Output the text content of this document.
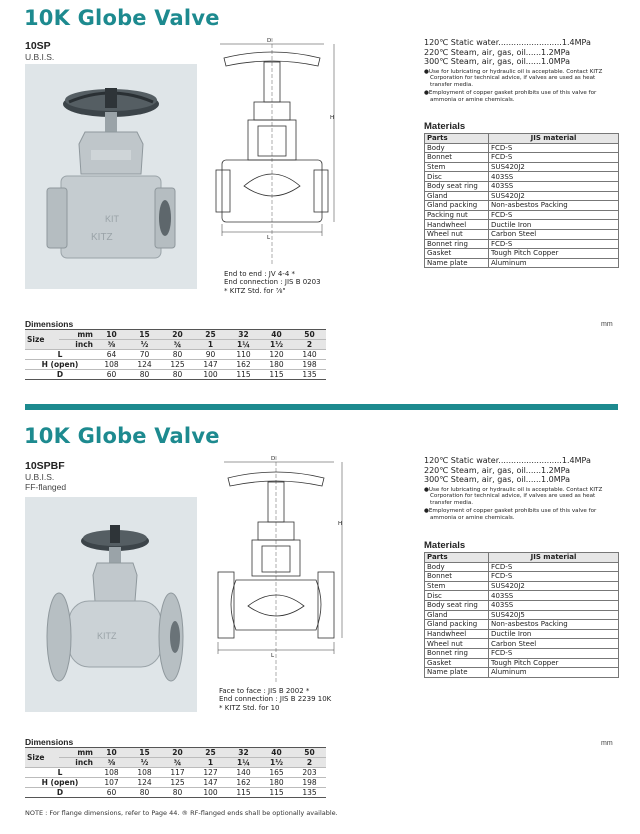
10K Globe Valve
10SP
U.B.I.S.
KIT
KITZ
D
H
L
End to end : JV 4-4 *
End connection : JIS B 0203
* KITZ Std. for ⁷⁄₈"
120℃ Static water.........................1.4MPa
220℃ Steam, air, gas, oil......1.2MPa
300℃ Steam, air, gas, oil......1.0MPa
●Use for lubricating or hydraulic oil is acceptable. Contact KITZ Corporation for technical advice, if valves are used as heat transfer media.
●Employment of copper gasket prohibits use of this valve for ammonia or amine chemicals.
Materials
Parts	JIS material
Body	FCD-S
Bonnet	FCD-S
Stem	SUS420J2
Disc	403SS
Body seat ring	403SS
Gland	SUS420J2
Gland packing	Non-asbestos Packing
Packing nut	FCD-S
Handwheel	Ductile Iron
Wheel nut	Carbon Steel
Bonnet ring	FCD-S
Gasket	Tough Pitch Copper
Name plate	Aluminum
Dimensions	mm
Size	mm	10	15	20	25	32	40	50
	inch	³⁄₈	½	¾	1	1¼	1½	2
L		64	70	80	90	110	120	140
H (open)		108	124	125	147	162	180	198
D		60	80	80	100	115	115	135
10K Globe Valve
10SPBF
U.B.I.S.
FF-flanged
KITZ
D
H
L
Face to face : JIS B 2002 *
End connection : JIS B 2239 10K
* KITZ Std. for 10
120℃ Static water.........................1.4MPa
220℃ Steam, air, gas, oil......1.2MPa
300℃ Steam, air, gas, oil......1.0MPa
●Use for lubricating or hydraulic oil is acceptable. Contact KITZ Corporation for technical advice, if valves are used as heat transfer media.
●Employment of copper gasket prohibits use of this valve for ammonia or amine chemicals.
Materials
Parts	JIS material
Body	FCD-S
Bonnet	FCD-S
Stem	SUS420J2
Disc	403SS
Body seat ring	403SS
Gland	SUS420J5
Gland packing	Non-asbestos Packing
Handwheel	Ductile Iron
Wheel nut	Carbon Steel
Bonnet ring	FCD-S
Gasket	Tough Pitch Copper
Name plate	Aluminum
Dimensions	mm
Size	mm	10	15	20	25	32	40	50
	inch	³⁄₈	½	¾	1	1¼	1½	2
L		108	108	117	127	140	165	203
H (open)		107	124	125	147	162	180	198
D		60	80	80	100	115	115	135
NOTE : For flange dimensions, refer to Page 44. ® RF-flanged ends shall be optionally available.
